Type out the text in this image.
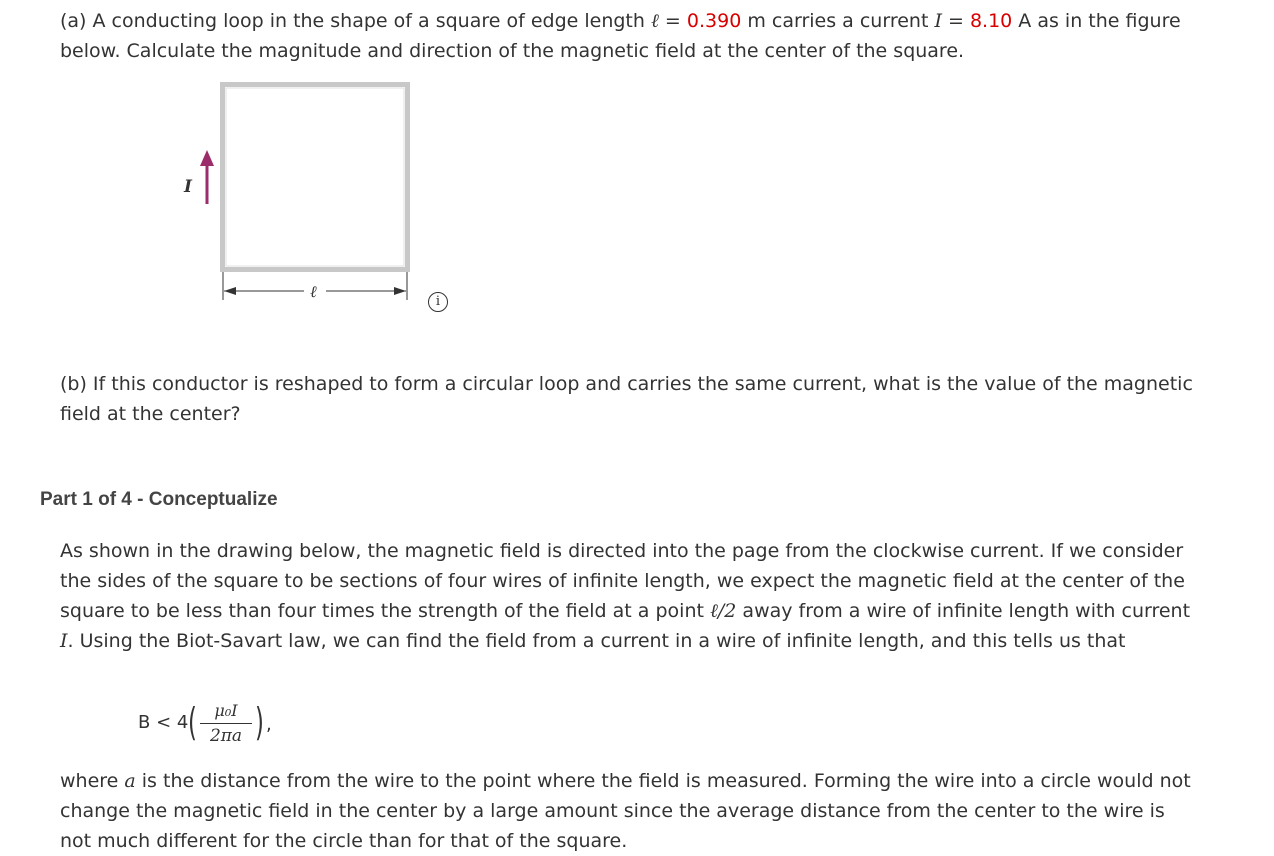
(a) A conducting loop in the shape of a square of edge length ℓ = 0.390 m carries a current I = 8.10 A as in the figure below. Calculate the magnitude and direction of the magnetic field at the center of the square.

I
ℓ
i

(b) If this conductor is reshaped to form a circular loop and carries the same current, what is the value of the magnetic field at the center?

Part 1 of 4 - Conceptualize

As shown in the drawing below, the magnetic field is directed into the page from the clockwise current. If we consider the sides of the square to be sections of four wires of infinite length, we expect the magnetic field at the center of the square to be less than four times the strength of the field at a point ℓ/2 away from a wire of infinite length with current I. Using the Biot-Savart law, we can find the field from a current in a wire of infinite length, and this tells us that

B < 4 (	μ₀I
2πa ) ,

where a is the distance from the wire to the point where the field is measured. Forming the wire into a circle would not change the magnetic field in the center by a large amount since the average distance from the center to the wire is not much different for the circle than for that of the square.
